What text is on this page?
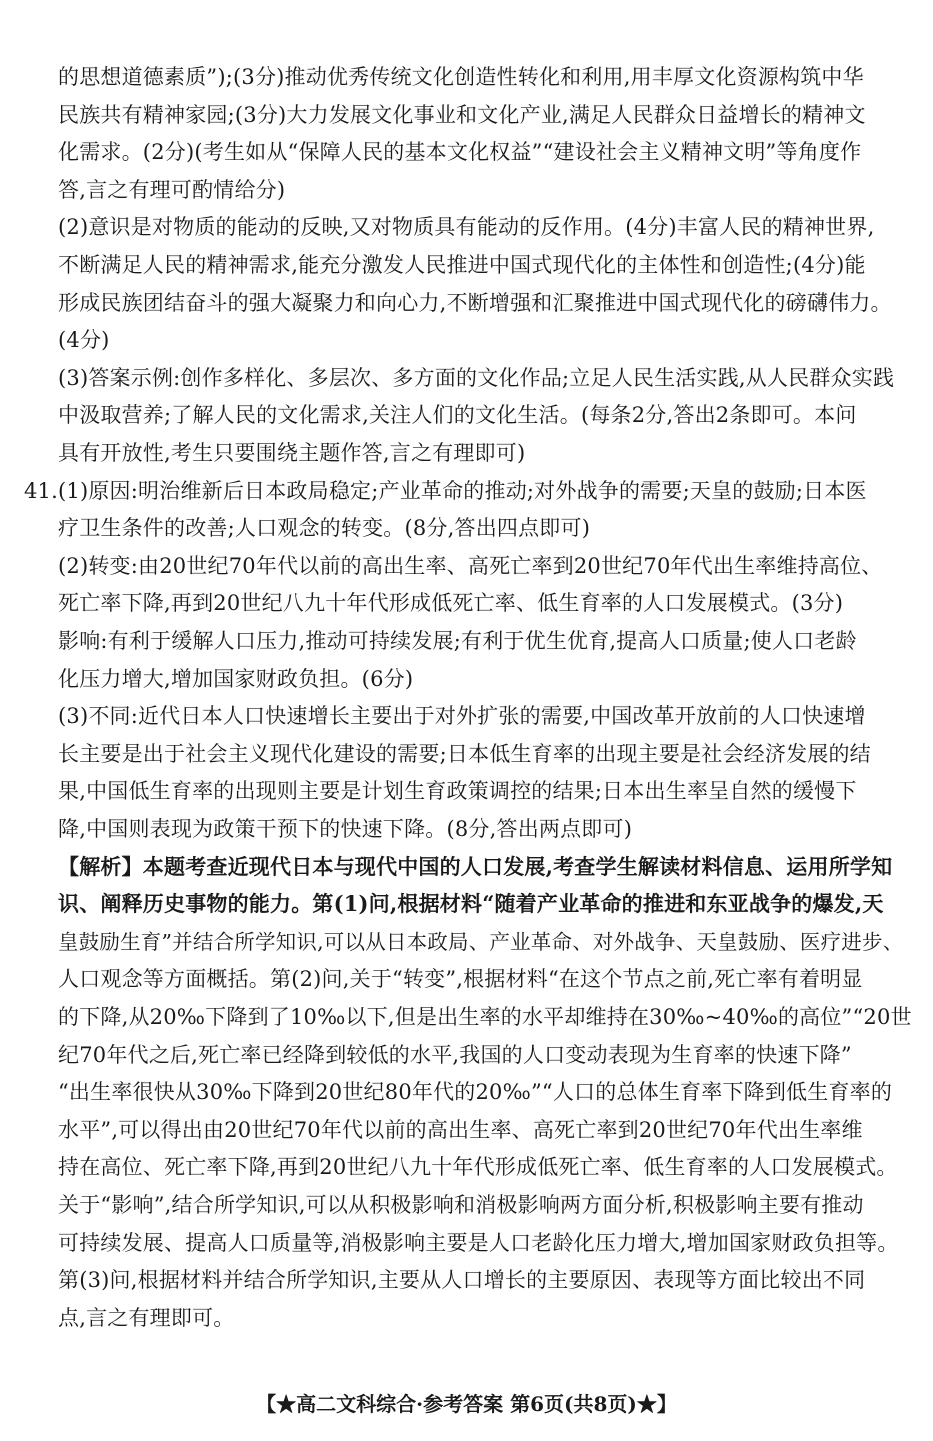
的思想道德素质”);(3分)推动优秀传统文化创造性转化和利用,用丰厚文化资源构筑中华
民族共有精神家园;(3分)大力发展文化事业和文化产业,满足人民群众日益增长的精神文
化需求。(2分)(考生如从“保障人民的基本文化权益”“建设社会主义精神文明”等角度作
答,言之有理可酌情给分)
(2)意识是对物质的能动的反映,又对物质具有能动的反作用。(4分)丰富人民的精神世界,
不断满足人民的精神需求,能充分激发人民推进中国式现代化的主体性和创造性;(4分)能
形成民族团结奋斗的强大凝聚力和向心力,不断增强和汇聚推进中国式现代化的磅礴伟力。
(4分)
(3)答案示例:创作多样化、多层次、多方面的文化作品;立足人民生活实践,从人民群众实践
中汲取营养;了解人民的文化需求,关注人们的文化生活。(每条2分,答出2条即可。本问
具有开放性,考生只要围绕主题作答,言之有理即可)
41.(1)原因:明治维新后日本政局稳定;产业革命的推动;对外战争的需要;天皇的鼓励;日本医
疗卫生条件的改善;人口观念的转变。(8分,答出四点即可)
(2)转变:由20世纪70年代以前的高出生率、高死亡率到20世纪70年代出生率维持高位、
死亡率下降,再到20世纪八九十年代形成低死亡率、低生育率的人口发展模式。(3分)
影响:有利于缓解人口压力,推动可持续发展;有利于优生优育,提高人口质量;使人口老龄
化压力增大,增加国家财政负担。(6分)
(3)不同:近代日本人口快速增长主要出于对外扩张的需要,中国改革开放前的人口快速增
长主要是出于社会主义现代化建设的需要;日本低生育率的出现主要是社会经济发展的结
果,中国低生育率的出现则主要是计划生育政策调控的结果;日本出生率呈自然的缓慢下
降,中国则表现为政策干预下的快速下降。(8分,答出两点即可)
【解析】本题考查近现代日本与现代中国的人口发展,考查学生解读材料信息、运用所学知
识、阐释历史事物的能力。第(1)问,根据材料“随着产业革命的推进和东亚战争的爆发,天
皇鼓励生育”并结合所学知识,可以从日本政局、产业革命、对外战争、天皇鼓励、医疗进步、
人口观念等方面概括。第(2)问,关于“转变”,根据材料“在这个节点之前,死亡率有着明显
的下降,从20‰下降到了10‰以下,但是出生率的水平却维持在30‰~40‰的高位”“20世
纪70年代之后,死亡率已经降到较低的水平,我国的人口变动表现为生育率的快速下降”
“出生率很快从30‰下降到20世纪80年代的20‰”“人口的总体生育率下降到低生育率的
水平”,可以得出由20世纪70年代以前的高出生率、高死亡率到20世纪70年代出生率维
持在高位、死亡率下降,再到20世纪八九十年代形成低死亡率、低生育率的人口发展模式。
关于“影响”,结合所学知识,可以从积极影响和消极影响两方面分析,积极影响主要有推动
可持续发展、提高人口质量等,消极影响主要是人口老龄化压力增大,增加国家财政负担等。
第(3)问,根据材料并结合所学知识,主要从人口增长的主要原因、表现等方面比较出不同
点,言之有理即可。
【★高二文科综合·参考答案 第6页(共8页)★】
